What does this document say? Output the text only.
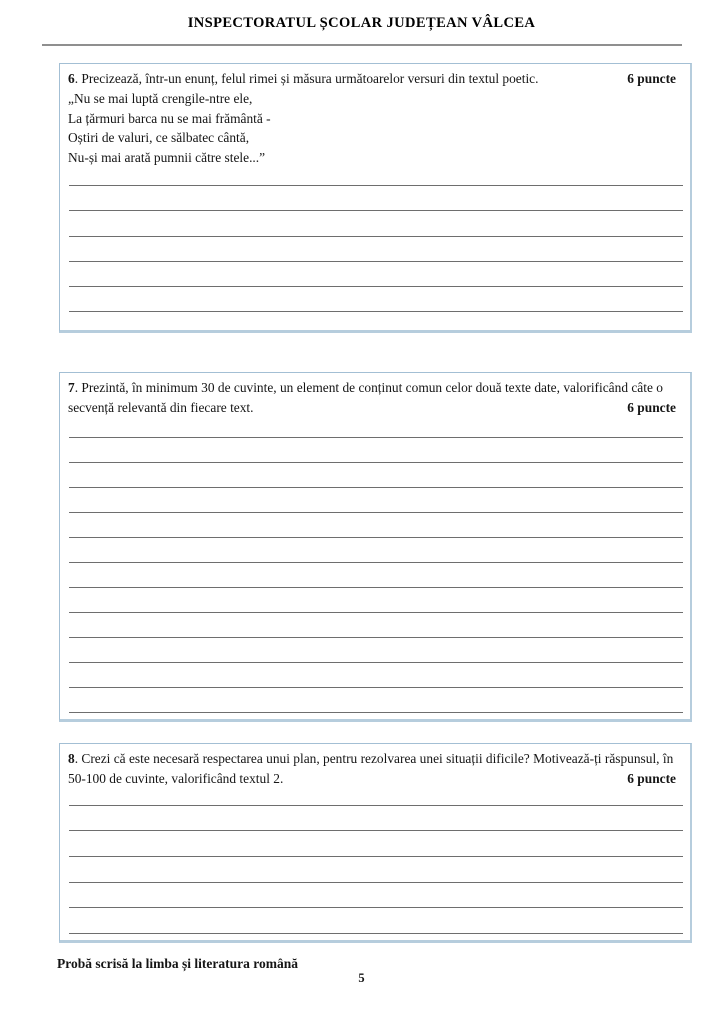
INSPECTORATUL ȘCOLAR JUDEȚEAN VÂLCEA
6. Precizează, într-un enunț, felul rimei și măsura următoarelor versuri din textul poetic.	6 puncte
„Nu se mai luptă crengile-ntre ele,
La țărmuri barca nu se mai frământă -
Oștiri de valuri, ce sălbatec cântă,
Nu-și mai arată pumnii către stele...”
7. Prezintă, în minimum 30 de cuvinte, un element de conținut comun celor două texte date, valorificând câte o secvență relevantă din fiecare text.	6 puncte
8. Crezi că este necesară respectarea unui plan, pentru rezolvarea unei situații dificile? Motivează-ți răspunsul, în 50-100 de cuvinte, valorificând textul 2.	6 puncte
Probă scrisă la limba și literatura română
5
